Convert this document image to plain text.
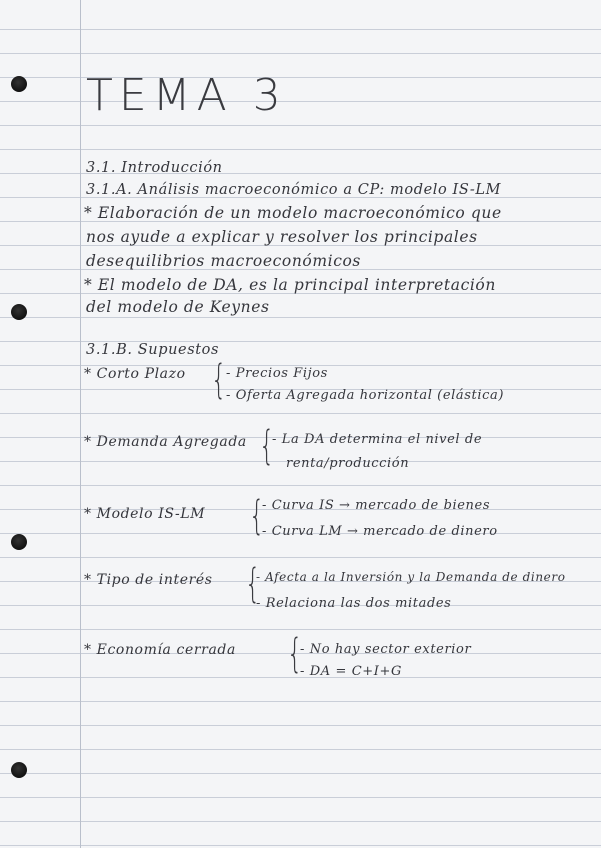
TEMA 3
3.1. Introducción
3.1.A. Análisis macroeconómico a CP: modelo IS-LM
* Elaboración de un modelo macroeconómico que
nos ayude a explicar y resolver los principales
desequilibrios macroeconómicos
* El modelo de DA, es la principal interpretación
del modelo de Keynes
3.1.B. Supuestos
* Corto Plazo { - Precios Fijos
- Oferta Agregada horizontal (elástica)
* Demanda Agregada {
- La DA determina el nivel de
renta/producción
* Modelo IS-LM {
- Curva IS → mercado de bienes
- Curva LM → mercado de dinero
* Tipo de interés {
- Afecta a la Inversión y la Demanda de dinero
- Relaciona las dos mitades
* Economía cerrada {
- No hay sector exterior
- DA = C+I+G
